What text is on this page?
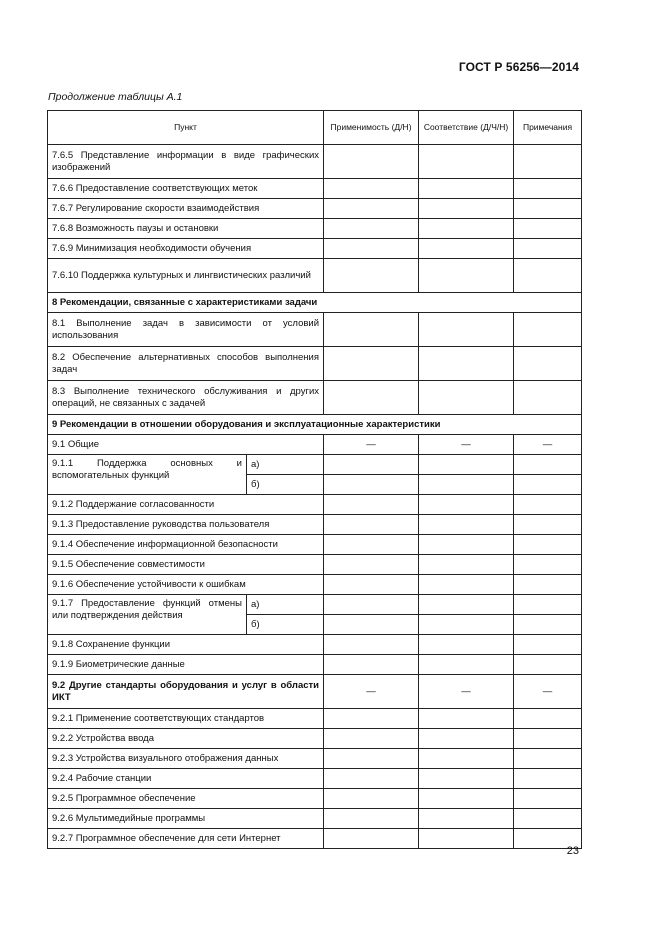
ГОСТ Р 56256—2014
Продолжение таблицы А.1
Пункт		Применимость (Д/Н)	Соответствие (Д/Ч/Н)	Примечания
7.6.5 Представление информации в виде графических изображений				
7.6.6 Предоставление соответствующих меток				
7.6.7 Регулирование скорости взаимодействия				
7.6.8 Возможность паузы и остановки				
7.6.9 Минимизация необходимости обучения				
7.6.10 Поддержка культурных и лингвистических различий				
8 Рекомендации, связанные с характеристиками задачи				
8.1 Выполнение задач в зависимости от условий использования				
8.2 Обеспечение альтернативных способов выполнения задач				
8.3 Выполнение технического обслуживания и других операций, не связанных с задачей				
9 Рекомендации в отношении оборудования и эксплуатационные характеристики				
9.1 Общие		—	—	—
9.1.1 Поддержка основных и вспомогательных функций	а)			
	б)			
9.1.2 Поддержание согласованности				
9.1.3 Предоставление руководства пользователя				
9.1.4 Обеспечение информационной безопасности				
9.1.5 Обеспечение совместимости				
9.1.6 Обеспечение устойчивости к ошибкам				
9.1.7 Предоставление функций отмены или подтверждения действия	а)			
	б)			
9.1.8 Сохранение функции				
9.1.9 Биометрические данные				
9.2 Другие стандарты оборудования и услуг в области ИКТ		—	—	—
9.2.1 Применение соответствующих стандартов				
9.2.2 Устройства ввода				
9.2.3 Устройства визуального отображения данных				
9.2.4 Рабочие станции				
9.2.5 Программное обеспечение				
9.2.6 Мультимедийные программы				
9.2.7 Программное обеспечение для сети Интернет				
23
